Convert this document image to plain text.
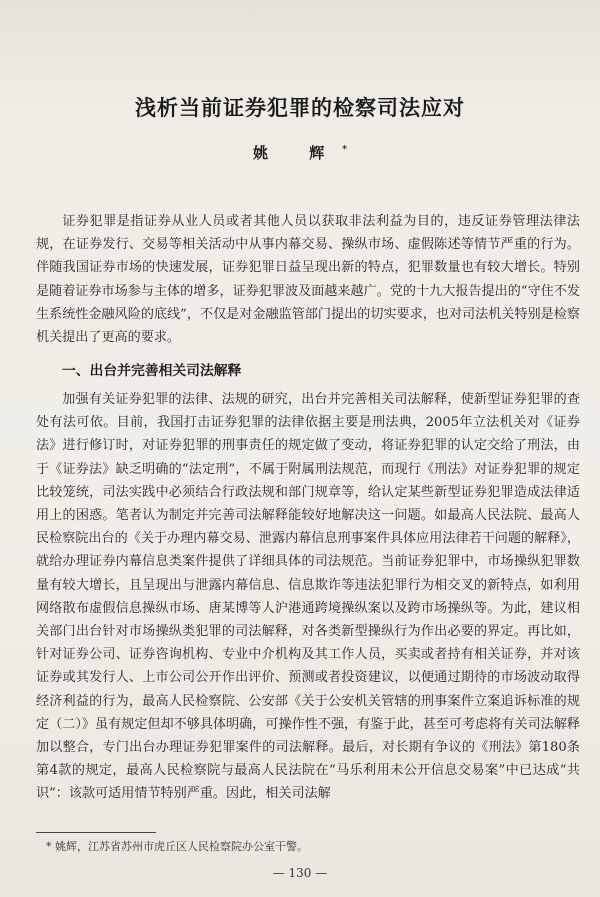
浅析当前证券犯罪的检察司法应对
姚 辉*

证券犯罪是指证券从业人员或者其他人员以获取非法利益为目的，违反证券管理法律法规，在证券发行、交易等相关活动中从事内幕交易、操纵市场、虚假陈述等情节严重的行为。伴随我国证券市场的快速发展，证券犯罪日益呈现出新的特点，犯罪数量也有较大增长。特别是随着证券市场参与主体的增多，证券犯罪波及面越来越广。党的十九大报告提出的“守住不发生系统性金融风险的底线”，不仅是对金融监管部门提出的切实要求，也对司法机关特别是检察机关提出了更高的要求。

一、出台并完善相关司法解释

加强有关证券犯罪的法律、法规的研究，出台并完善相关司法解释，使新型证券犯罪的查处有法可依。目前，我国打击证券犯罪的法律依据主要是刑法典，2005年立法机关对《证券法》进行修订时，对证券犯罪的刑事责任的规定做了变动，将证券犯罪的认定交给了刑法，由于《证券法》缺乏明确的“法定刑”，不属于附属刑法规范，而现行《刑法》对证券犯罪的规定比较笼统，司法实践中必须结合行政法规和部门规章等，给认定某些新型证券犯罪造成法律适用上的困惑。笔者认为制定并完善司法解释能较好地解决这一问题。如最高人民法院、最高人民检察院出台的《关于办理内幕交易、泄露内幕信息刑事案件具体应用法律若干问题的解释》，就给办理证券内幕信息类案件提供了详细具体的司法规范。当前证券犯罪中，市场操纵犯罪数量有较大增长，且呈现出与泄露内幕信息、信息欺诈等违法犯罪行为相交叉的新特点，如利用网络散布虚假信息操纵市场、唐某博等人沪港通跨境操纵案以及跨市场操纵等。为此，建议相关部门出台针对市场操纵类犯罪的司法解释，对各类新型操纵行为作出必要的界定。再比如，针对证券公司、证券咨询机构、专业中介机构及其工作人员，买卖或者持有相关证券，并对该证券或其发行人、上市公司公开作出评价、预测或者投资建议，以便通过期待的市场波动取得经济利益的行为，最高人民检察院、公安部《关于公安机关管辖的刑事案件立案追诉标准的规定（二）》虽有规定但却不够具体明确，可操作性不强，有鉴于此，甚至可考虑将有关司法解释加以整合，专门出台办理证券犯罪案件的司法解释。最后，对长期有争议的《刑法》第180条第4款的规定，最高人民检察院与最高人民法院在“马乐利用未公开信息交易案”中已达成“共识”：该款可适用情节特别严重。因此，相关司法解

* 姚辉，江苏省苏州市虎丘区人民检察院办公室干警。
— 130 —
